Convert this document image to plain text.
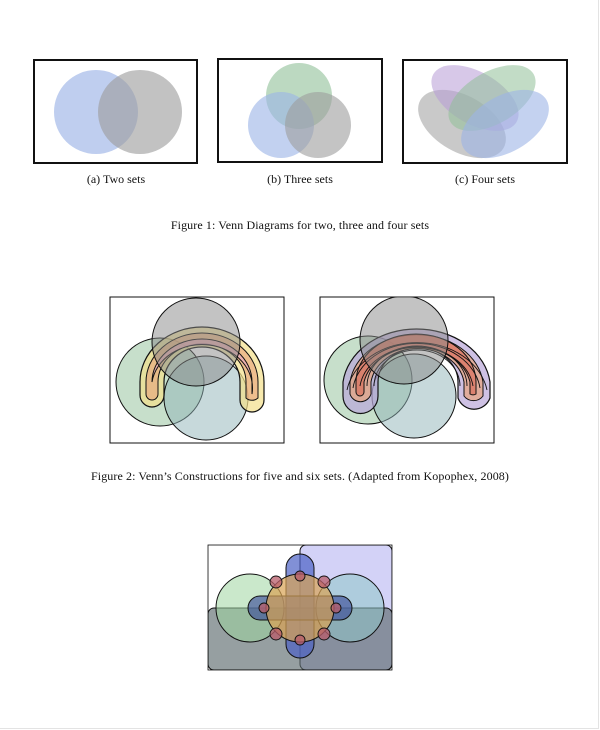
(a) Two sets	(b) Three sets	(c) Four sets
Figure 1: Venn Diagrams for two, three and four sets
Figure 2: Venn’s Constructions for five and six sets. (Adapted from Kopophex, 2008)
